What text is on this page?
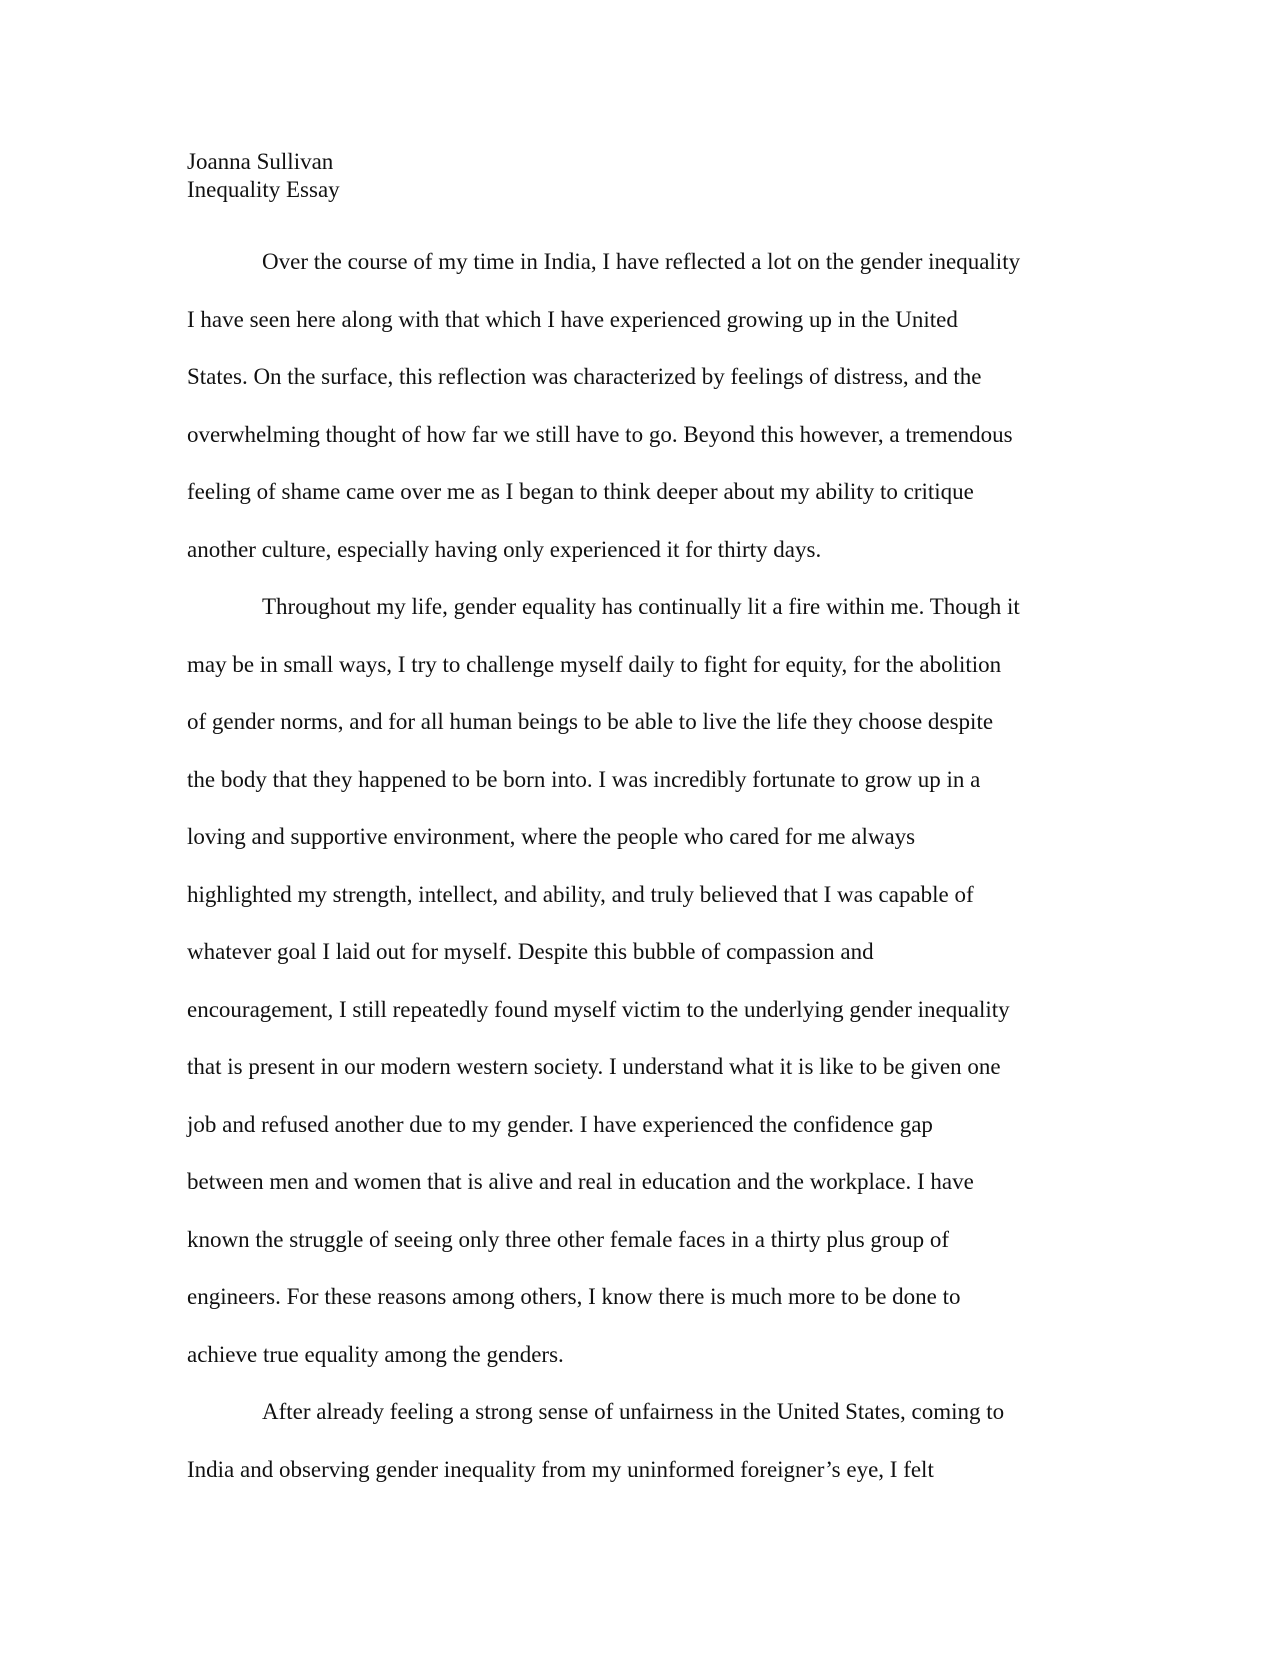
Joanna Sullivan
Inequality Essay
Over the course of my time in India, I have reflected a lot on the gender inequality
I have seen here along with that which I have experienced growing up in the United
States. On the surface, this reflection was characterized by feelings of distress, and the
overwhelming thought of how far we still have to go. Beyond this however, a tremendous
feeling of shame came over me as I began to think deeper about my ability to critique
another culture, especially having only experienced it for thirty days.
Throughout my life, gender equality has continually lit a fire within me. Though it
may be in small ways, I try to challenge myself daily to fight for equity, for the abolition
of gender norms, and for all human beings to be able to live the life they choose despite
the body that they happened to be born into. I was incredibly fortunate to grow up in a
loving and supportive environment, where the people who cared for me always
highlighted my strength, intellect, and ability, and truly believed that I was capable of
whatever goal I laid out for myself. Despite this bubble of compassion and
encouragement, I still repeatedly found myself victim to the underlying gender inequality
that is present in our modern western society. I understand what it is like to be given one
job and refused another due to my gender. I have experienced the confidence gap
between men and women that is alive and real in education and the workplace. I have
known the struggle of seeing only three other female faces in a thirty plus group of
engineers. For these reasons among others, I know there is much more to be done to
achieve true equality among the genders.
After already feeling a strong sense of unfairness in the United States, coming to
India and observing gender inequality from my uninformed foreigner’s eye, I felt
